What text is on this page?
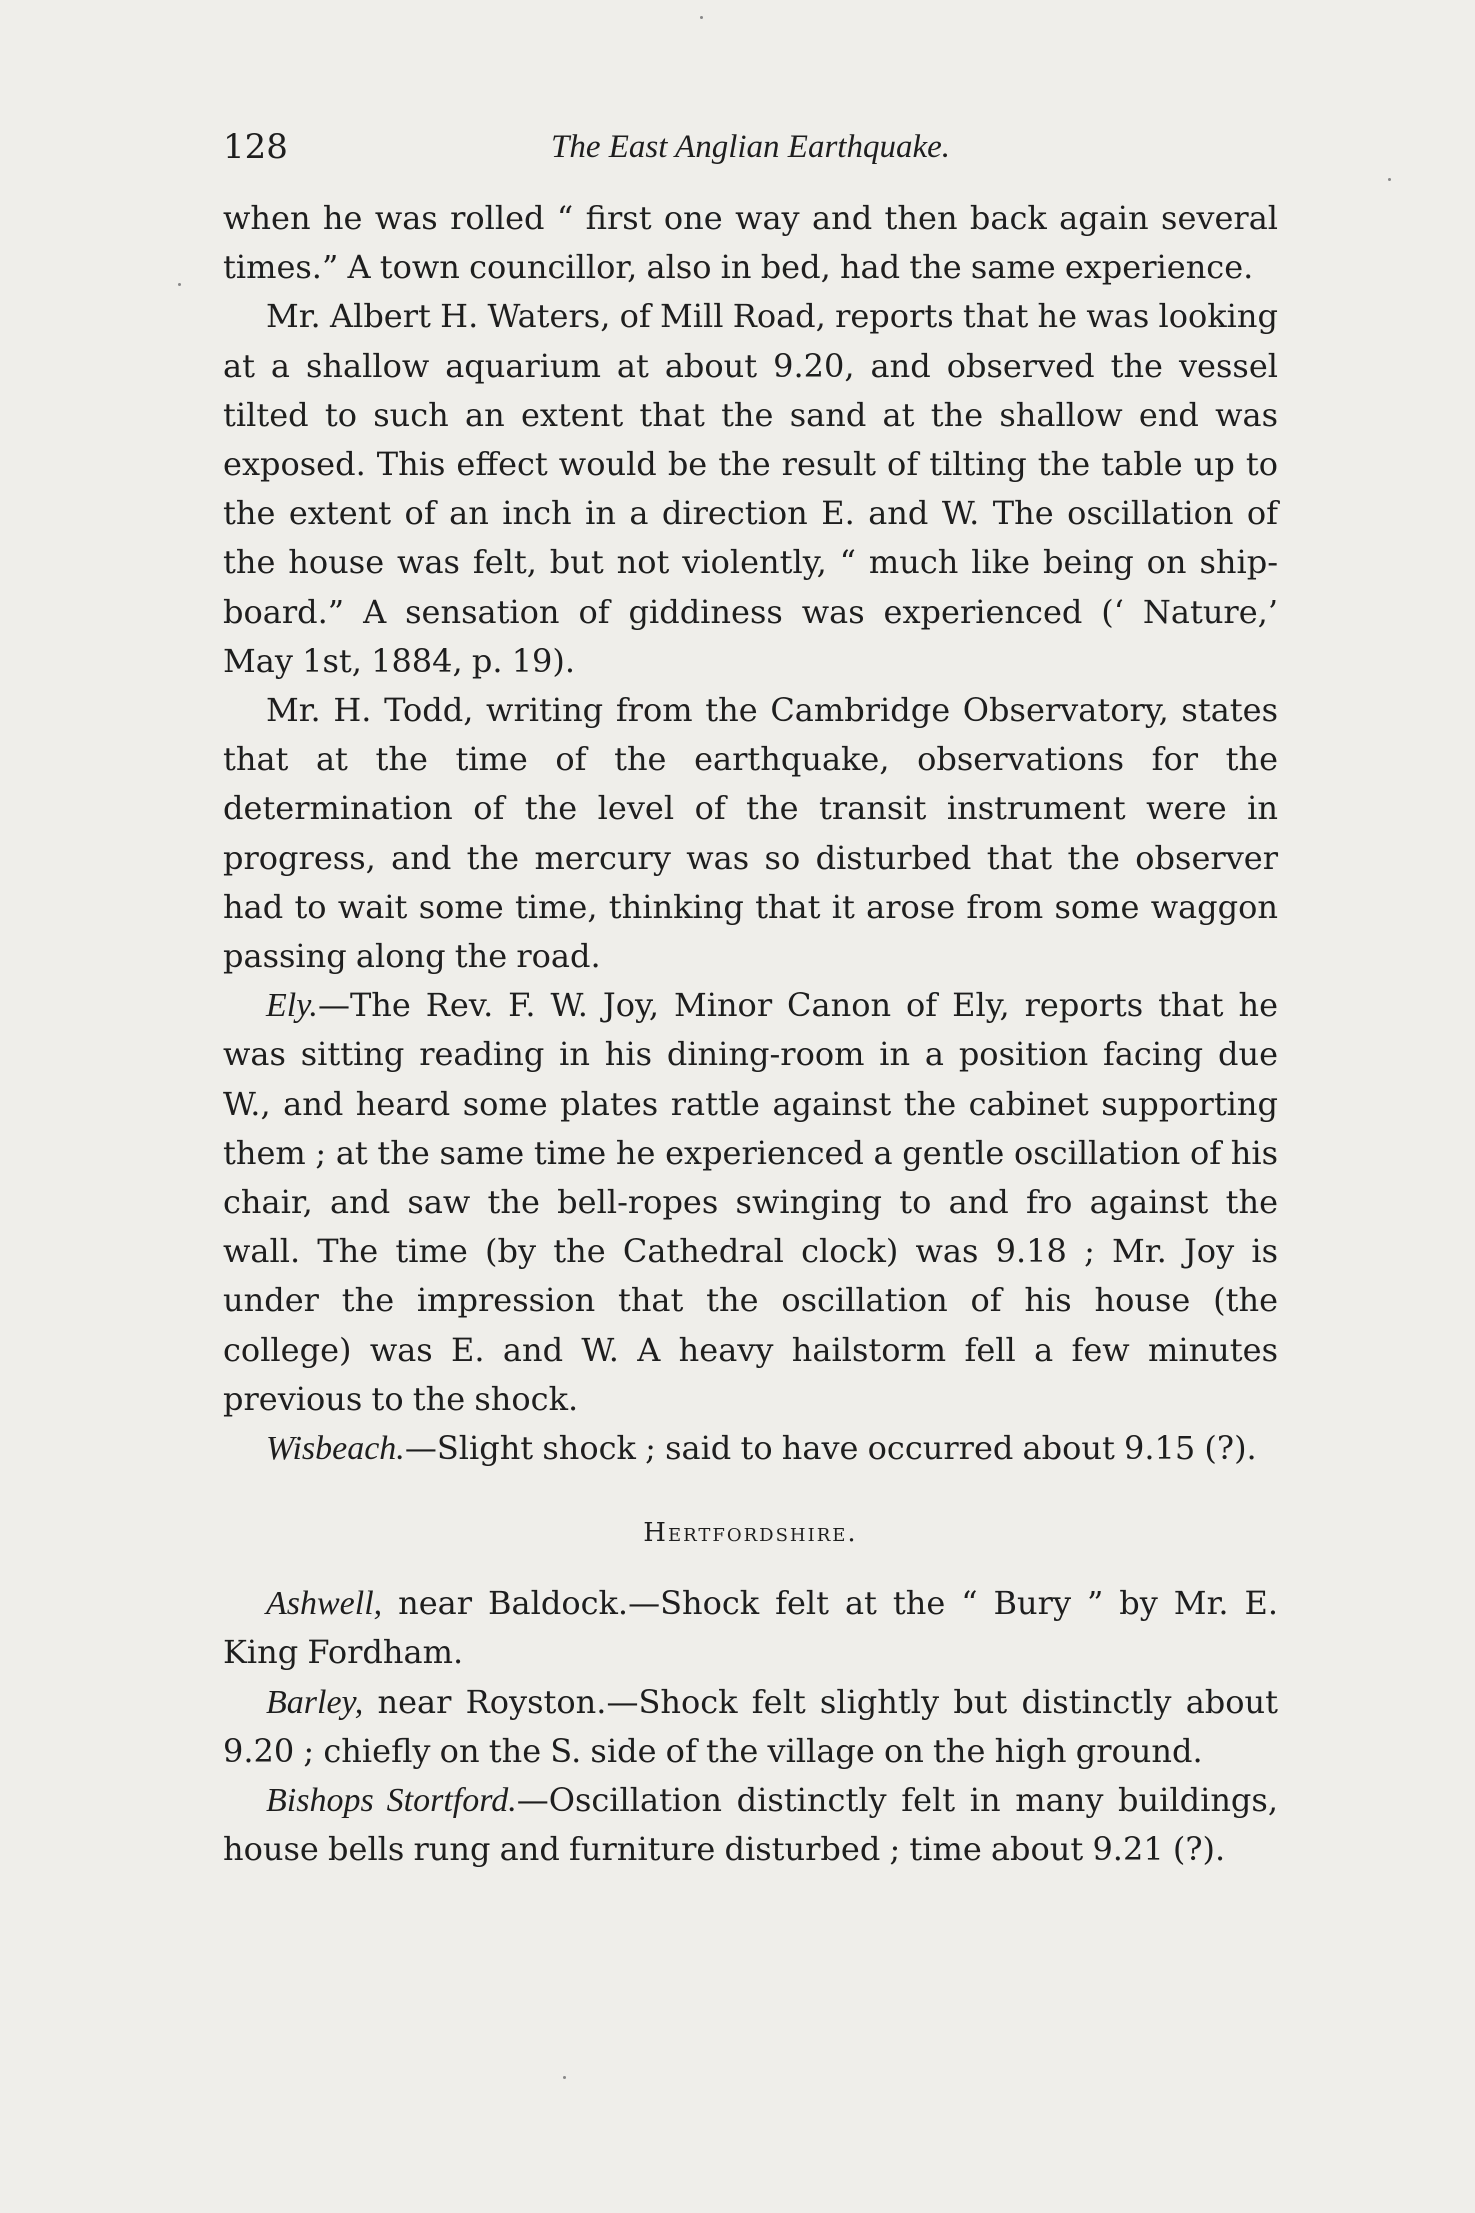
128	The East Anglian Earthquake.

when he was rolled “ first one way and then back again several times.” A town councillor, also in bed, had the same experience.

Mr. Albert H. Waters, of Mill Road, reports that he was looking at a shallow aquarium at about 9.20, and observed the vessel tilted to such an extent that the sand at the shallow end was exposed. This effect would be the result of tilting the table up to the extent of an inch in a direction E. and W. The oscillation of the house was felt, but not violently, “ much like being on ship-board.” A sensation of giddiness was experienced (‘ Nature,’ May 1st, 1884, p. 19).

Mr. H. Todd, writing from the Cambridge Observatory, states that at the time of the earthquake, observations for the determination of the level of the transit instrument were in progress, and the mercury was so disturbed that the observer had to wait some time, thinking that it arose from some waggon passing along the road.

Ely.—The Rev. F. W. Joy, Minor Canon of Ely, reports that he was sitting reading in his dining-room in a position facing due W., and heard some plates rattle against the cabinet supporting them ; at the same time he experienced a gentle oscillation of his chair, and saw the bell-ropes swinging to and fro against the wall. The time (by the Cathedral clock) was 9.18 ; Mr. Joy is under the impression that the oscillation of his house (the college) was E. and W. A heavy hailstorm fell a few minutes previous to the shock.

Wisbeach.—Slight shock ; said to have occurred about 9.15 (?).

Hertfordshire.

Ashwell, near Baldock.—Shock felt at the “ Bury ” by Mr. E. King Fordham.

Barley, near Royston.—Shock felt slightly but distinctly about 9.20 ; chiefly on the S. side of the village on the high ground.

Bishops Stortford.—Oscillation distinctly felt in many buildings, house bells rung and furniture disturbed ; time about 9.21 (?).
